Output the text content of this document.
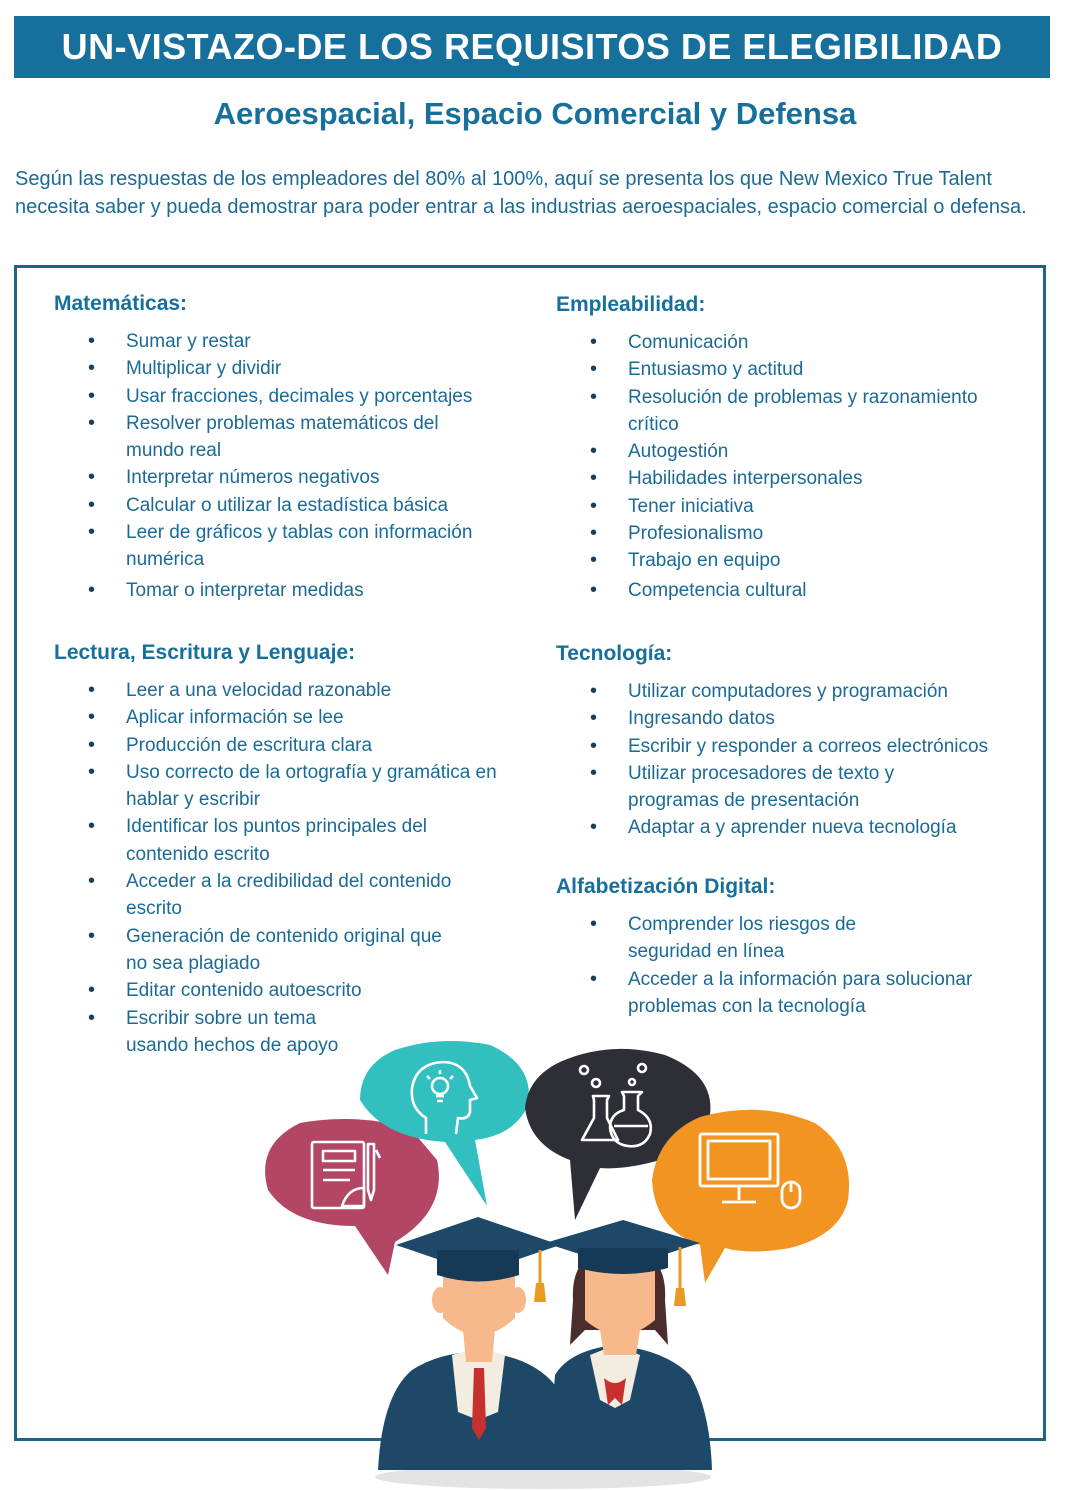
UN-VISTAZO-DE LOS REQUISITOS DE ELEGIBILIDAD
Aeroespacial, Espacio Comercial y Defensa
Según las respuestas de los empleadores del 80% al 100%, aquí se presenta los que New Mexico True Talent necesita saber y pueda demostrar para poder entrar a las industrias aeroespaciales, espacio comercial o defensa.
Matemáticas:
• Sumar y restar
• Multiplicar y dividir
• Usar fracciones, decimales y porcentajes
• Resolver problemas matemáticos del mundo real
• Interpretar números negativos
• Calcular o utilizar la estadística básica
• Leer de gráficos y tablas con información numérica
• Tomar o interpretar medidas
Lectura, Escritura y Lenguaje:
• Leer a una velocidad razonable
• Aplicar información se lee
• Producción de escritura clara
• Uso correcto de la ortografía y gramática en hablar y escribir
• Identificar los puntos principales del contenido escrito
• Acceder a la credibilidad del contenido escrito
• Generación de contenido original que no sea plagiado
• Editar contenido autoescrito
• Escribir sobre un tema usando hechos de apoyo
Empleabilidad:
• Comunicación
• Entusiasmo y actitud
• Resolución de problemas y razonamiento crítico
• Autogestión
• Habilidades interpersonales
• Tener iniciativa
• Profesionalismo
• Trabajo en equipo
• Competencia cultural
Tecnología:
• Utilizar computadores y programación
• Ingresando datos
• Escribir y responder a correos electrónicos
• Utilizar procesadores de texto y programas de presentación
• Adaptar a y aprender nueva tecnología
Alfabetización Digital:
• Comprender los riesgos de seguridad en línea
• Acceder a la información para solucionar problemas con la tecnología
